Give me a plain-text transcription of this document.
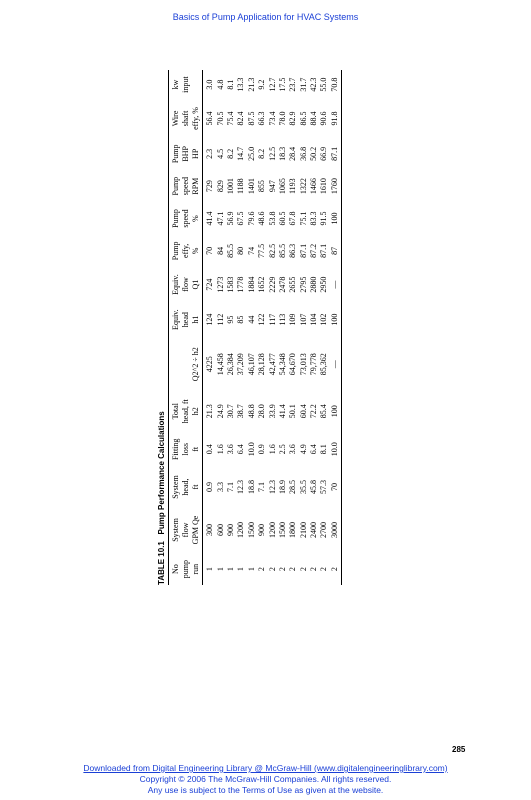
Basics of Pump Application for HVAC Systems
TABLE 10.1   Pump Performance Calculations
No	System	System	Fitting	Total		Equiv.	Equiv.	Pump	Pump	Pump	Pump	Wire	kw
pump	flow	head,	loss	head, ft		head	flow	effy,	speed	speed	BHP	shaft	input
run	GPM Qe	ft	ft	h2	Q2^2 ÷ h2	h1	Q1	%	%	RPM	HP	effy, %	
1	300	0.9	0.4	21.3	4225	124	724	70	41.4	729	2.3	56.4	3.0
1	600	3.3	1.6	24.9	14,458	112	1273	84	47.1	829	4.5	70.5	4.8
1	900	7.1	3.6	30.7	26,384	95	1583	85.5	56.9	1001	8.2	75.4	8.1
1	1200	12.3	6.4	38.7	37,209	85	1778	80	67.5	1188	14.7	82.4	13.3
1	1500	18.8	10.0	48.8	46,107	44	1884	74	79.6	1401	25.0	87.5	21.3
2	900	7.1	0.9	28.0	28,128	122	1652	77.5	48.6	855	8.2	66.3	9.2
2	1200	12.3	1.6	33.9	42,477	117	2229	82.5	53.8	947	12.5	73.4	12.7
2	1500	18.9	2.5	41.4	54,348	113	2478	85.5	60.5	1065	18.3	78.0	17.5
2	1800	28.5	3.6	50.1	64,670	109	2655	86.3	67.8	1193	28.4	82.9	23.7
2	2100	35.5	4.9	60.4	73,013	107	2795	87.1	75.1	1322	36.8	86.5	31.7
2	2400	45.8	6.4	72.2	79,778	104	2880	87.2	83.3	1466	50.2	88.4	42.3
2	2700	57.3	8.1	85.4	85,362	102	2950	87.1	91.5	1610	66.9	90.6	55.0
2	3000	70	10.0	100	—	100	—	87	100	1760	87.1	91.8	70.8
285
Downloaded from Digital Engineering Library @ McGraw-Hill (www.digitalengineeringlibrary.com)
Copyright © 2006 The McGraw-Hill Companies. All rights reserved.
Any use is subject to the Terms of Use as given at the website.
